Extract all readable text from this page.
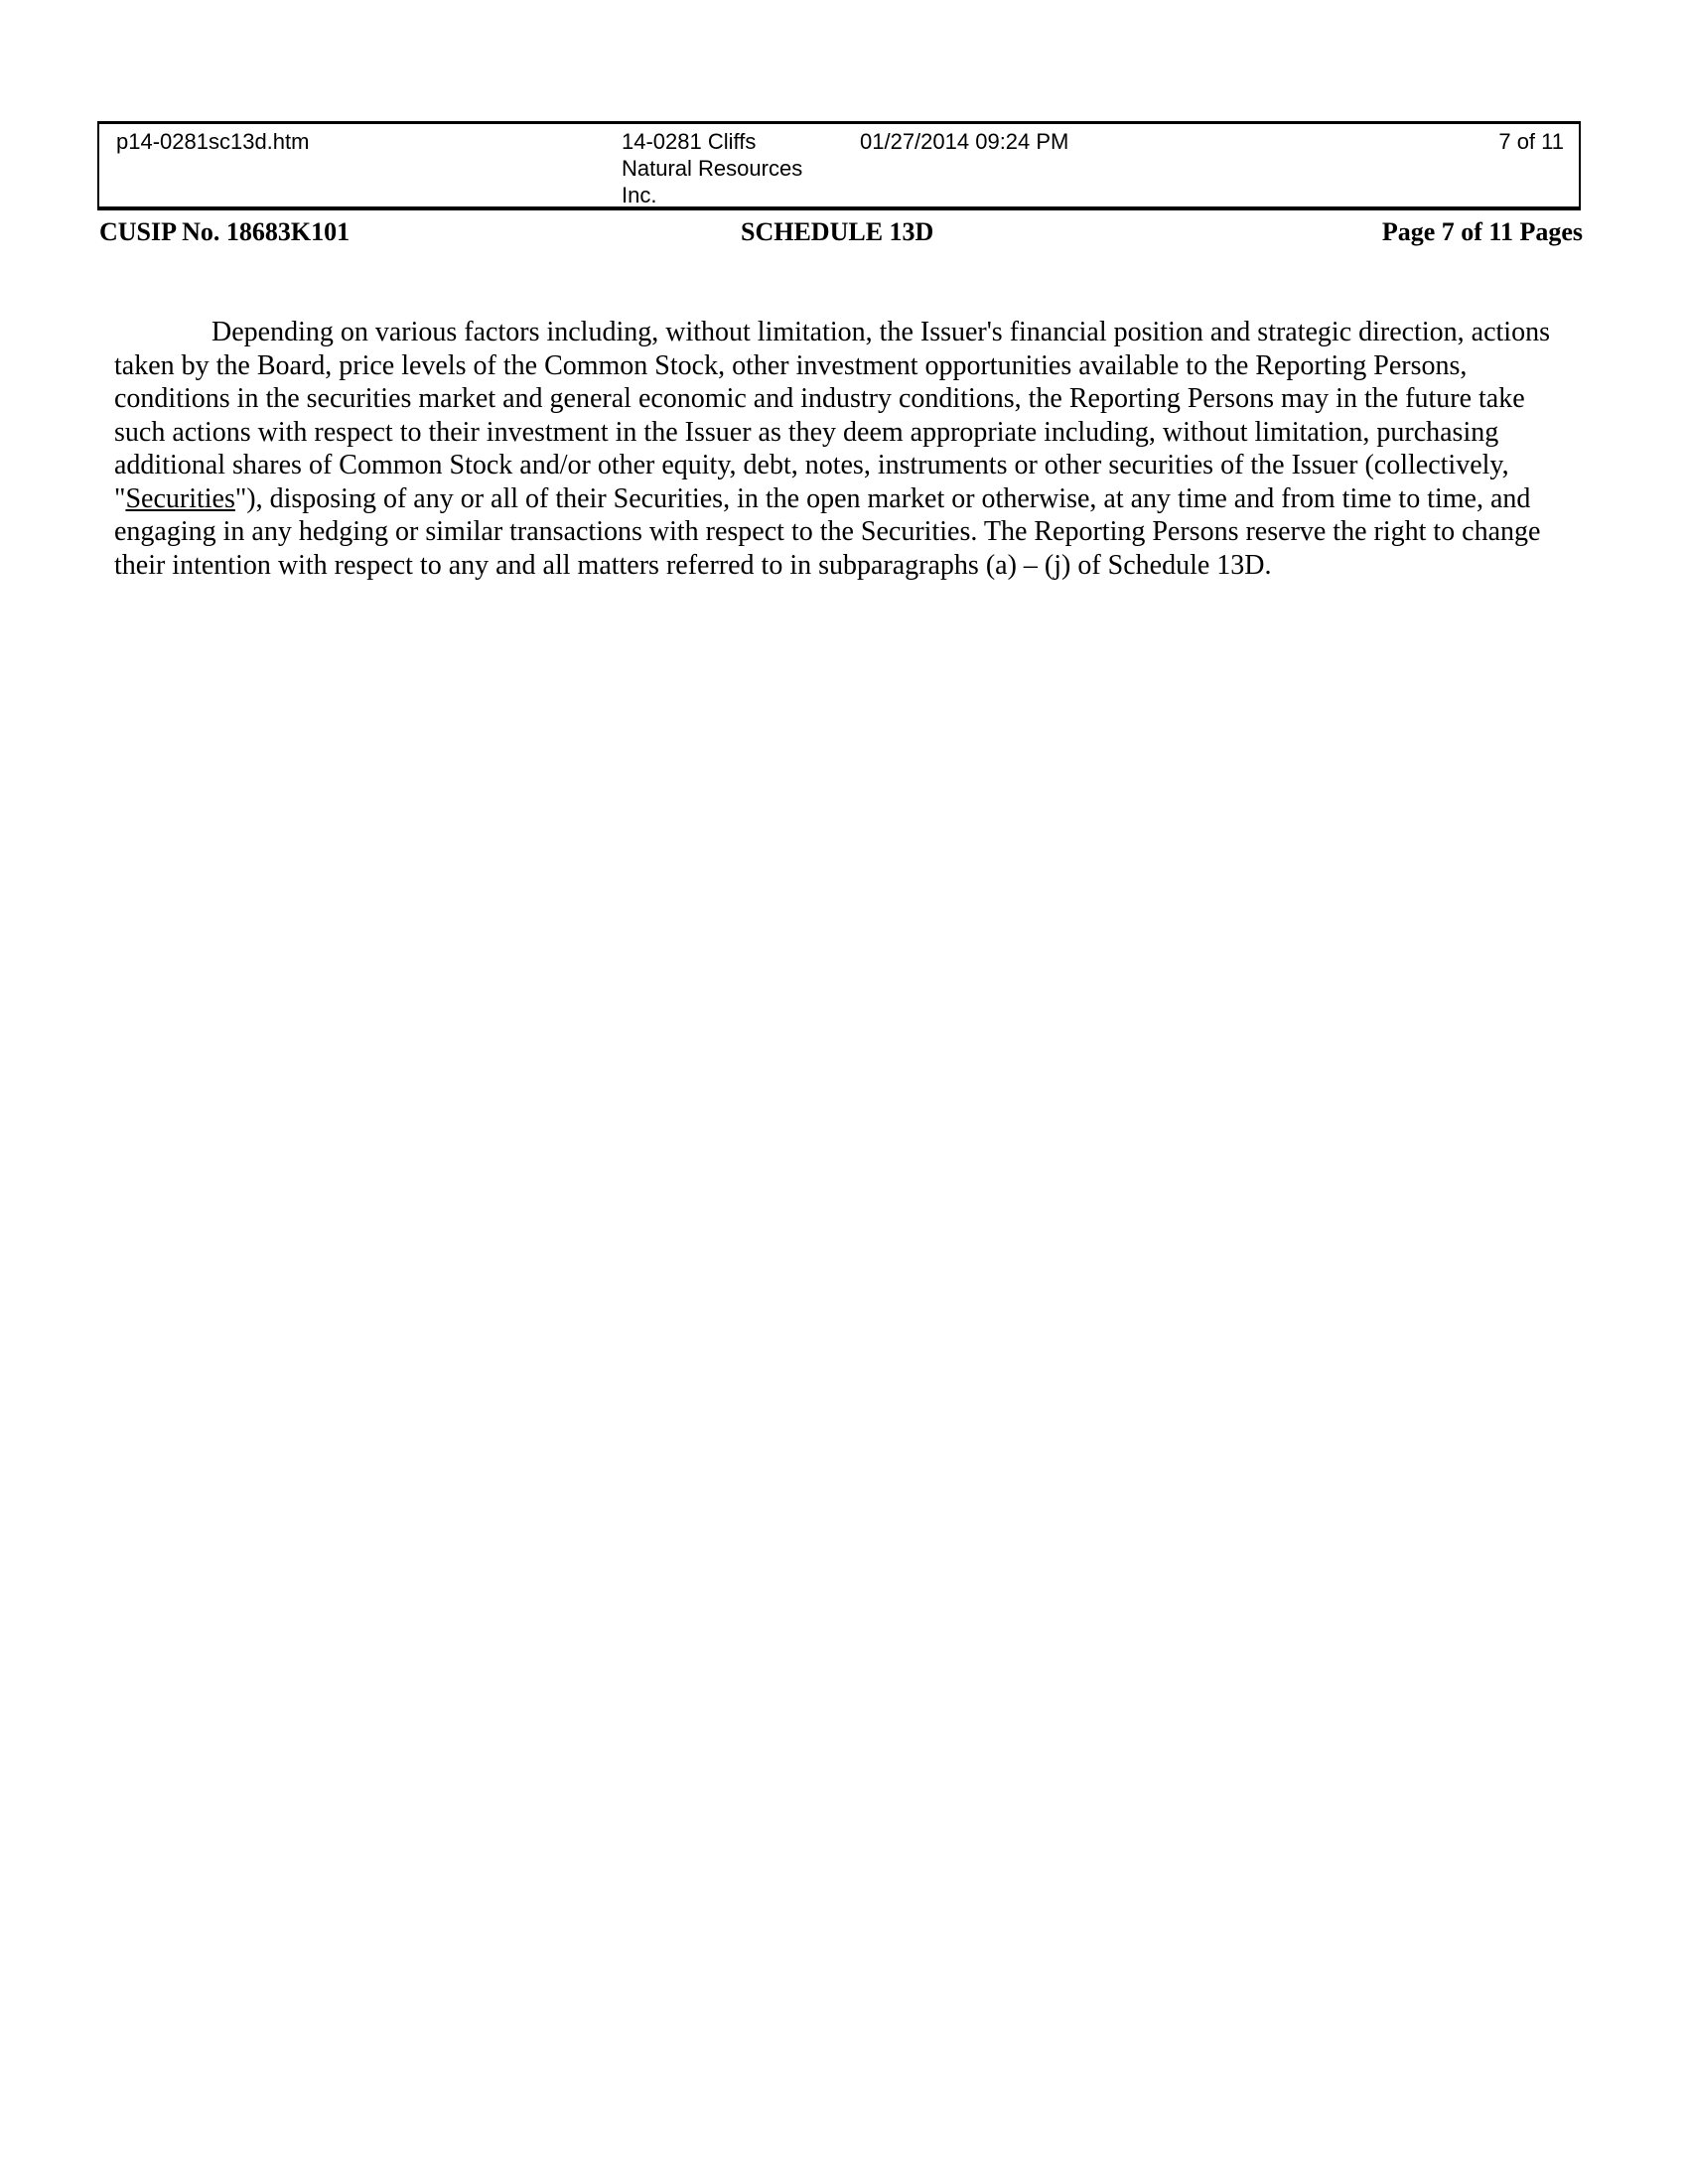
p14-0281sc13d.htm	14-0281 Cliffs
Natural Resources
Inc.
01/27/2014 09:24 PM	7 of 11
CUSIP No. 18683K101	SCHEDULE 13D	Page 7 of 11 Pages

Depending on various factors including, without limitation, the Issuer's financial position and strategic direction, actions taken by the Board, price levels of the Common Stock, other investment opportunities available to the Reporting Persons, conditions in the securities market and general economic and industry conditions, the Reporting Persons may in the future take such actions with respect to their investment in the Issuer as they deem appropriate including, without limitation, purchasing additional shares of Common Stock and/or other equity, debt, notes, instruments or other securities of the Issuer (collectively, "Securities"), disposing of any or all of their Securities, in the open market or otherwise, at any time and from time to time, and engaging in any hedging or similar transactions with respect to the Securities. The Reporting Persons reserve the right to change their intention with respect to any and all matters referred to in subparagraphs (a) – (j) of Schedule 13D.
